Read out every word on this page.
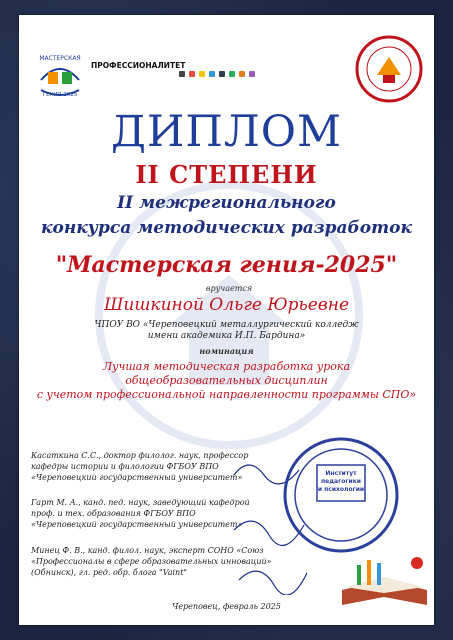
МАСТЕРСКАЯ
ГЕНИЯ 2025
ПРОФЕССИОНАЛИТЕТ
ДИПЛОМ
II СТЕПЕНИ
II межрегионального
конкурса методических разработок
"Мастерская гения-2025"
вручается
Шишкиной Ольге Юрьевне
ЧПОУ ВО «Череповецкий металлургический колледж
имени академика И.П. Бардина»
номинация
Лучшая методическая разработка урока
общеобразовательных дисциплин
с учетом профессиональной направленности программы СПО»
Касаткина С.С., доктор филолог. наук, профессор
кафедры истории и филологии ФГБОУ ВПО
«Череповецкий государственный университет»
Гарт М. А., канд. пед. наук, заведующий кафедрой
проф. и тех. образования ФГБОУ ВПО
«Череповецкий государственный университет»
Минец Ф. В., канд. филол. наук, эксперт СОНО «Союз
«Профессионалы в сфере образовательных инноваций»
(Обнинск), гл. ред. обр. блога "Vaint"
Институт
педагогики
и психологии
Череповец, февраль 2025
